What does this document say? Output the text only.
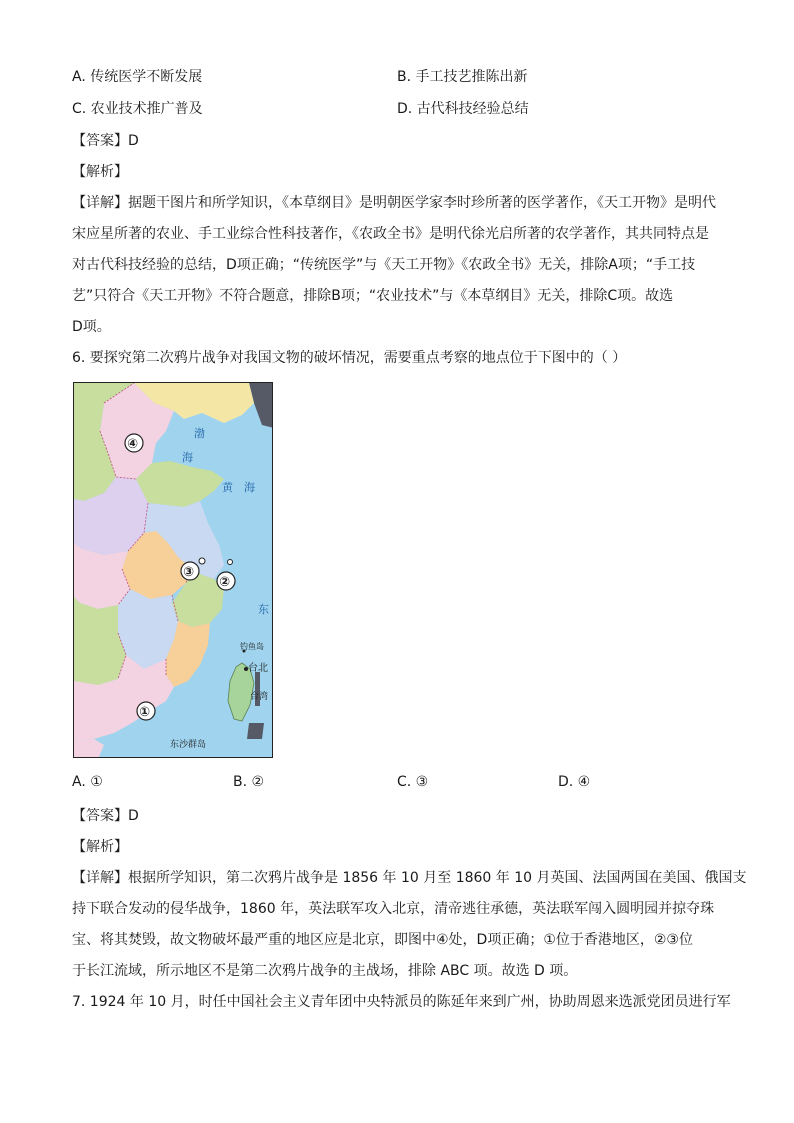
A. 传统医学不断发展	B. 手工技艺推陈出新
C. 农业技术推广普及	D. 古代科技经验总结
【答案】D
【解析】
【详解】据题干图片和所学知识，《本草纲目》是明朝医学家李时珍所著的医学著作，《天工开物》是明代
宋应星所著的农业、手工业综合性科技著作，《农政全书》是明代徐光启所著的农学著作，其共同特点是
对古代科技经验的总结，D项正确；“传统医学”与《天工开物》《农政全书》无关，排除A项；“手工技
艺”只符合《天工开物》不符合题意，排除B项；“农业技术”与《本草纲目》无关，排除C项。故选
D项。
6. 要探究第二次鸦片战争对我国文物的破坏情况，需要重点考察的地点位于下图中的（ ）
渤
海
黄 海
东
钓鱼岛
台北
台湾
东沙群岛
④
③
②
①
A. ①	B. ②	C. ③	D. ④
【答案】D
【解析】
【详解】根据所学知识，第二次鸦片战争是 1856 年 10 月至 1860 年 10 月英国、法国两国在美国、俄国支
持下联合发动的侵华战争，1860 年，英法联军攻入北京，清帝逃往承德，英法联军闯入圆明园并掠夺珠
宝、将其焚毁，故文物破坏最严重的地区应是北京，即图中④处，D项正确；①位于香港地区，②③位
于长江流域，所示地区不是第二次鸦片战争的主战场，排除 ABC 项。故选 D 项。
7. 1924 年 10 月，时任中国社会主义青年团中央特派员的陈延年来到广州，协助周恩来选派党团员进行军
